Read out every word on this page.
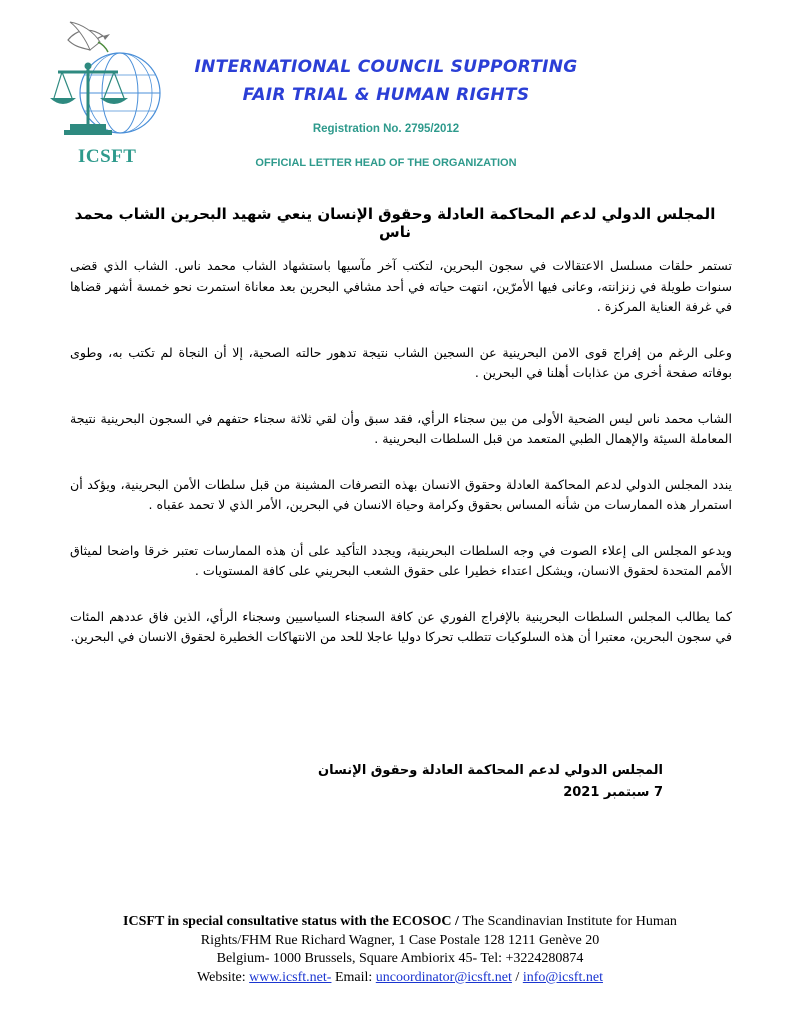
ICSFT
INTERNATIONAL COUNCIL SUPPORTING
FAIR TRIAL & HUMAN RIGHTS
Registration No. 2795/2012
OFFICIAL LETTER HEAD OF THE ORGANIZATION
المجلس الدولي لدعم المحاكمة العادلة وحقوق الإنسان ينعي شهيد البحرين الشاب محمد ناس

تستمر حلقات مسلسل الاعتقالات في سجون البحرين، لتكتب آخر مآسيها باستشهاد الشاب محمد ناس. الشاب الذي قضى سنوات طويلة في زنزانته، وعانى فيها الأمرّين، انتهت حياته في أحد مشافي البحرين بعد معاناة استمرت نحو خمسة أشهر قضاها في غرفة العناية المركزة .

وعلى الرغم من إفراج قوى الامن البحرينية عن السجين الشاب نتيجة تدهور حالته الصحية، إلا أن النجاة لم تكتب به، وطوى بوفاته صفحة أخرى من عذابات أهلنا في البحرين .

الشاب محمد ناس ليس الضحية الأولى من بين سجناء الرأي، فقد سبق وأن لقي ثلاثة سجناء حتفهم في السجون البحرينية نتيجة المعاملة السيئة والإهمال الطبي المتعمد من قبل السلطات البحرينية .

يندد المجلس الدولي لدعم المحاكمة العادلة وحقوق الانسان بهذه التصرفات المشينة من قبل سلطات الأمن البحرينية، ويؤكد أن استمرار هذه الممارسات من شأنه المساس بحقوق وكرامة وحياة الانسان في البحرين، الأمر الذي لا تحمد عقباه .

ويدعو المجلس الى إعلاء الصوت في وجه السلطات البحرينية، ويجدد التأكيد على أن هذه الممارسات تعتبر خرقا واضحا لميثاق الأمم المتحدة لحقوق الانسان، ويشكل اعتداء خطيرا على حقوق الشعب البحريني على كافة المستويات .

كما يطالب المجلس السلطات البحرينية بالإفراج الفوري عن كافة السجناء السياسيين وسجناء الرأي، الذين فاق عددهم المئات في سجون البحرين، معتبرا أن هذه السلوكيات تتطلب تحركا دوليا عاجلا للحد من الانتهاكات الخطيرة لحقوق الانسان في البحرين.

المجلس الدولي لدعم المحاكمة العادلة وحقوق الإنسان
7 سبتمبر 2021
ICSFT in special consultative status with the ECOSOC / The Scandinavian Institute for Human
Rights/FHM Rue Richard Wagner, 1 Case Postale 128 1211 Genève 20
Belgium- 1000 Brussels, Square Ambiorix 45- Tel: +3224280874
Website: www.icsft.net- Email: uncoordinator@icsft.net / info@icsft.net
